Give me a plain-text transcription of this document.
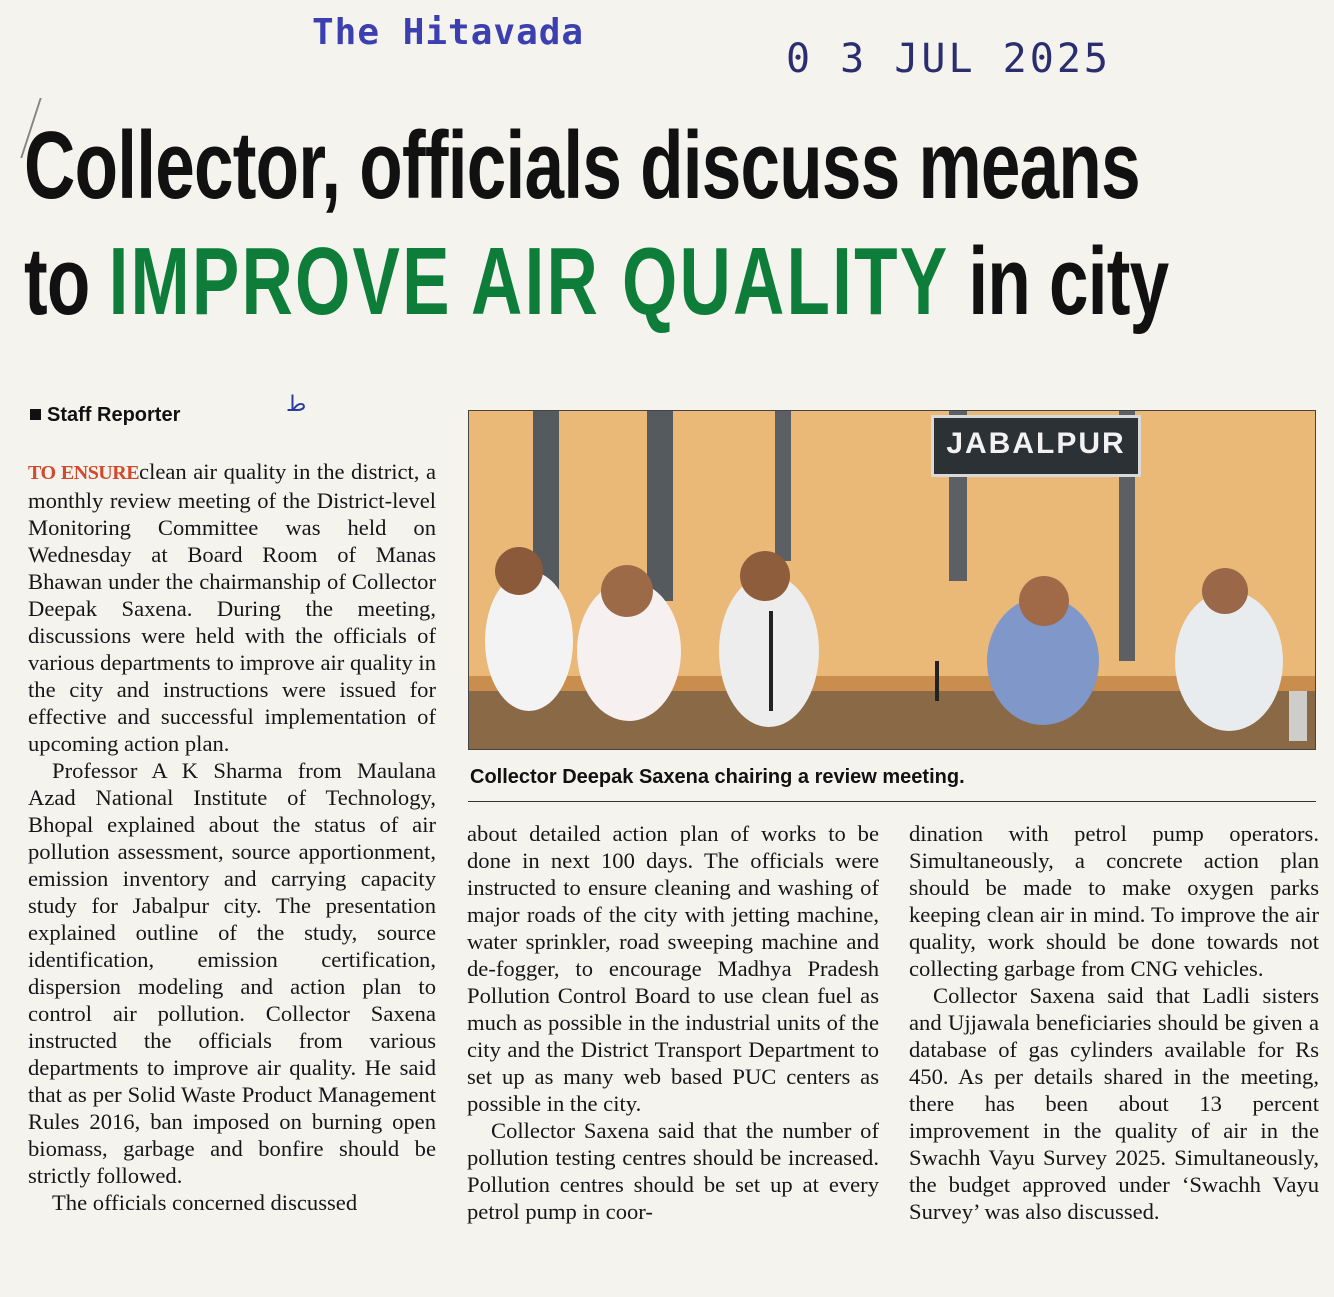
The Hitavada
0 3 JUL 2025
Collector, officials discuss means
to IMPROVE AIR QUALITY in city
Staff Reporter	ط

TO ENSUREclean air quality in the district, a monthly review meeting of the District-level Monitoring Committee was held on Wednesday at Board Room of Manas Bhawan under the chairmanship of Collector Deepak Saxena. During the meeting, discussions were held with the officials of various departments to improve air quality in the city and instructions were issued for effective and successful implementation of upcoming action plan.

Professor A K Sharma from Maulana Azad National Institute of Technology, Bhopal explained about the status of air pollution assessment, source apportionment, emission inventory and carrying capacity study for Jabalpur city. The presentation explained outline of the study, source identification, emission certification, dispersion modeling and action plan to control air pollution. Collector Saxena instructed the officials from various departments to improve air quality. He said that as per Solid Waste Product Management Rules 2016, ban imposed on burning open biomass, garbage and bonfire should be strictly followed.

The officials concerned discussed

JABALPUR
Collector Deepak Saxena chairing a review meeting.

about detailed action plan of works to be done in next 100 days. The officials were instructed to ensure cleaning and washing of major roads of the city with jetting machine, water sprinkler, road sweeping machine and de-fogger, to encourage Madhya Pradesh Pollution Control Board to use clean fuel as much as possible in the industrial units of the city and the District Transport Department to set up as many web based PUC centers as possible in the city.

Collector Saxena said that the number of pollution testing centres should be increased. Pollution centres should be set up at every petrol pump in coor-

dination with petrol pump operators. Simultaneously, a concrete action plan should be made to make oxygen parks keeping clean air in mind. To improve the air quality, work should be done towards not collecting garbage from CNG vehicles.

Collector Saxena said that Ladli sisters and Ujjawala beneficiaries should be given a database of gas cylinders available for Rs 450. As per details shared in the meeting, there has been about 13 percent improvement in the quality of air in the Swachh Vayu Survey 2025. Simultaneously, the budget approved under ‘Swachh Vayu Survey’ was also discussed.
